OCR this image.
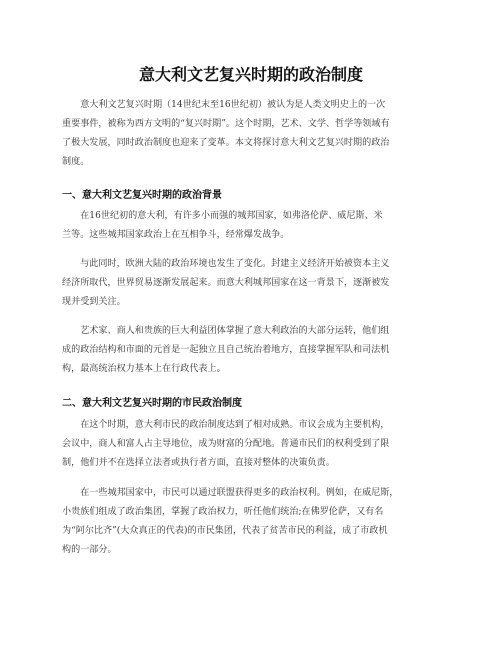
意大利文艺复兴时期的政治制度

　　意大利文艺复兴时期（14世纪末至16世纪初）被认为是人类文明史上的一次
重要事件，被称为西方文明的“复兴时期”。这个时期，艺术、文学、哲学等领域有
了极大发展，同时政治制度也迎来了变革。本文将探讨意大利文艺复兴时期的政治
制度。

一、意大利文艺复兴时期的政治背景

　　在16世纪初的意大利，有许多小而强的城邦国家，如弗洛伦萨、威尼斯、米
兰等。这些城邦国家政治上在互相争斗，经常爆发战争。

　　与此同时，欧洲大陆的政治环境也发生了变化。封建主义经济开始被资本主义
经济所取代，世界贸易逐渐发展起来。而意大利城邦国家在这一背景下，逐渐被发
现并受到关注。

　　艺术家、商人和贵族的巨大利益团体掌握了意大利政治的大部分运转，他们组
成的政治结构和市面的元首是一起独立且自己统治着地方，直接掌握军队和司法机
构，最高统治权力基本上在行政代表上。

二、意大利文艺复兴时期的市民政治制度

　　在这个时期，意大利市民的政治制度达到了相对成熟。市议会成为主要机构，
会议中，商人和富人占主导地位，成为财富的分配地。普通市民们的权利受到了限
制，他们并不在选择立法者或执行者方面，直接对整体的决策负责。

　　在一些城邦国家中，市民可以通过联盟获得更多的政治权利。例如，在威尼斯，
小贵族们组成了政治集团，掌握了政治权力，听任他们统治;在佛罗伦萨，又有名
为“阿尔比齐”(大众真正的代表)的市民集团，代表了贫苦市民的利益，成了市政机
构的一部分。
